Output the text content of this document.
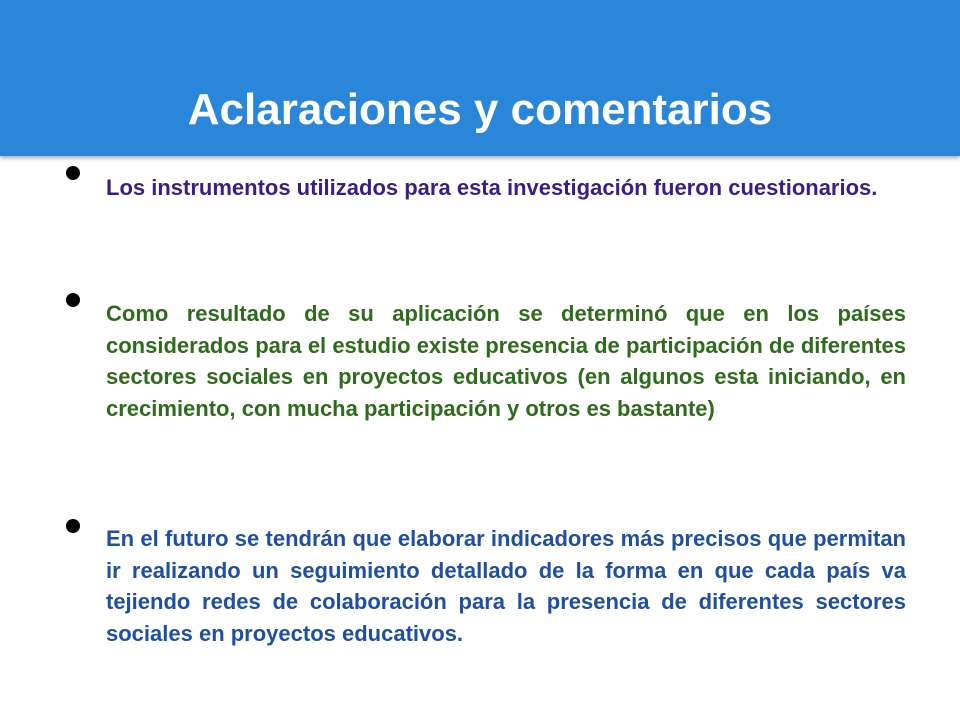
Aclaraciones y comentarios

Los instrumentos utilizados para esta investigación fueron cuestionarios.

Como resultado de su aplicación se determinó que en los países considerados para el estudio existe presencia de participación de diferentes sectores sociales en proyectos educativos (en algunos esta iniciando, en crecimiento, con mucha participación y otros es bastante)

En el futuro se tendrán que elaborar indicadores más precisos que permitan ir realizando un seguimiento detallado de la forma en que cada país va tejiendo redes de colaboración para la presencia de diferentes sectores sociales en proyectos educativos.
